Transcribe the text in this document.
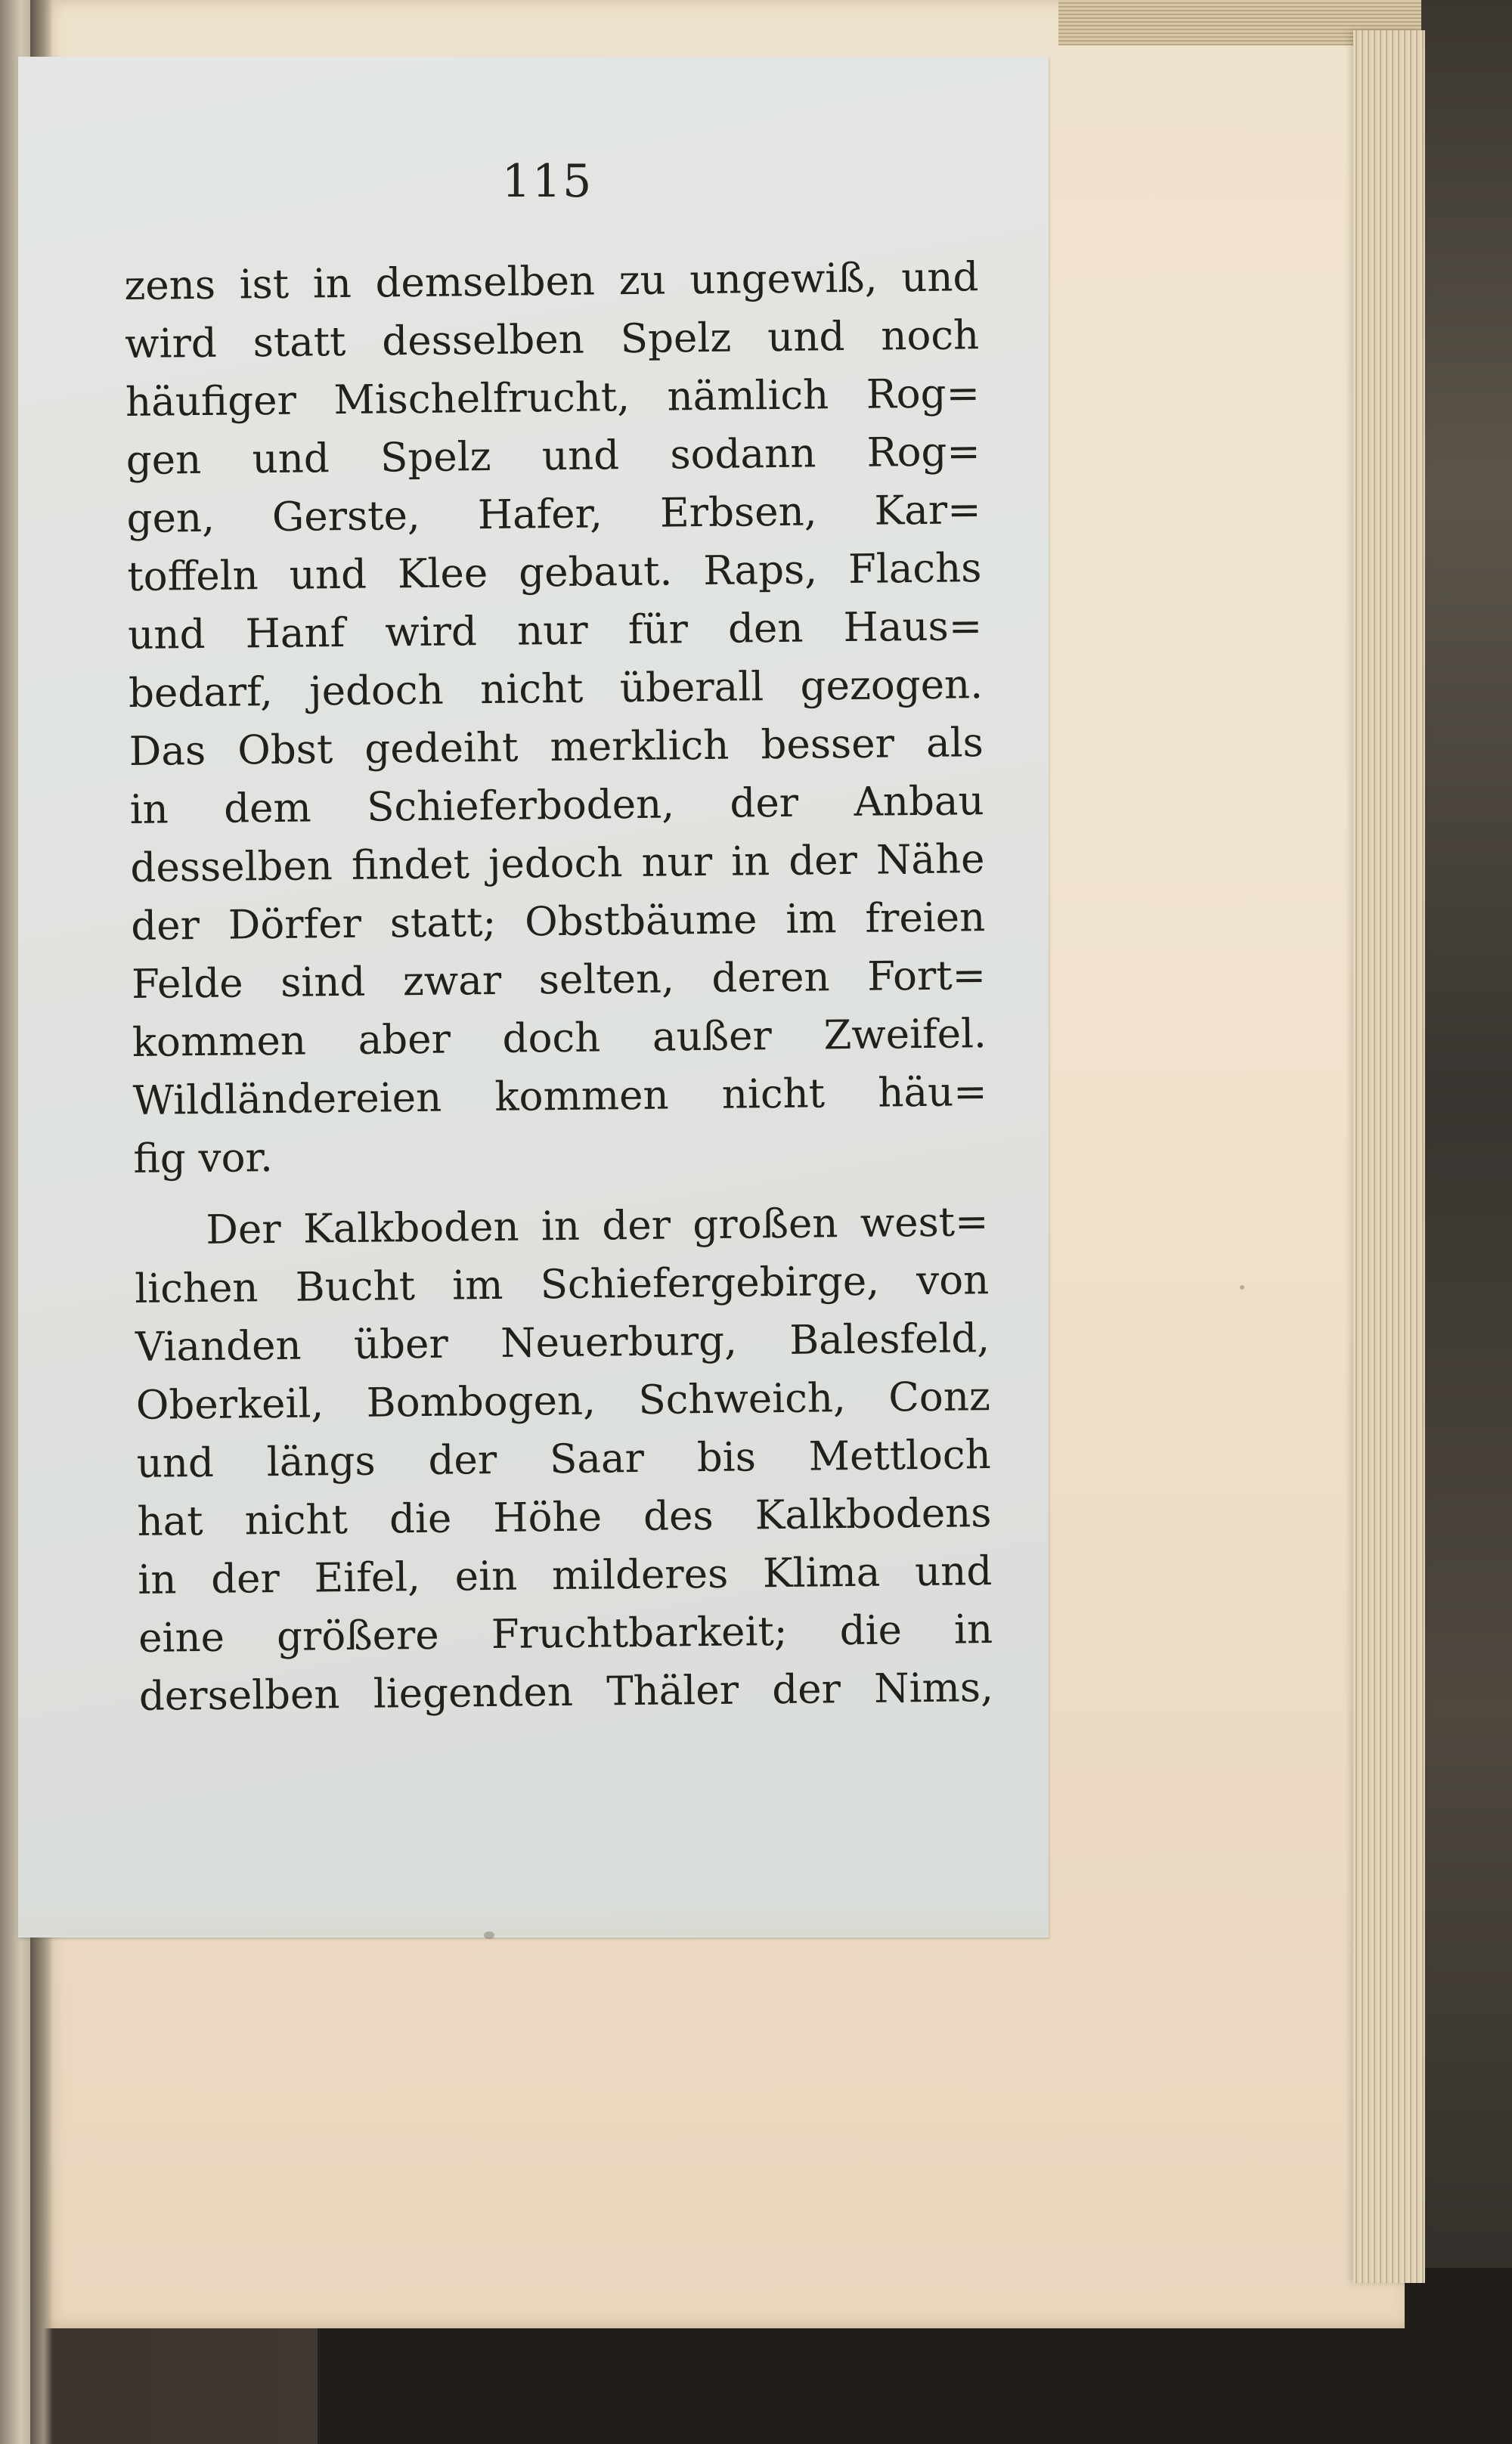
115
zens ist in demselben zu ungewiß, und
wird statt desselben Spelz und noch
häufiger Mischelfrucht, nämlich Rog=
gen und Spelz und sodann Rog=
gen, Gerste, Hafer, Erbsen, Kar=
toffeln und Klee gebaut. Raps, Flachs
und Hanf wird nur für den Haus=
bedarf, jedoch nicht überall gezogen.
Das Obst gedeiht merklich besser als
in dem Schieferboden, der Anbau
desselben findet jedoch nur in der Nähe
der Dörfer statt; Obstbäume im freien
Felde sind zwar selten, deren Fort=
kommen aber doch außer Zweifel.
Wildländereien kommen nicht häu=
fig vor.
Der Kalkboden in der großen west=
lichen Bucht im Schiefergebirge, von
Vianden über Neuerburg, Balesfeld,
Oberkeil, Bombogen, Schweich, Conz
und längs der Saar bis Mettloch
hat nicht die Höhe des Kalkbodens
in der Eifel, ein milderes Klima und
eine größere Fruchtbarkeit; die in
derselben liegenden Thäler der Nims,
